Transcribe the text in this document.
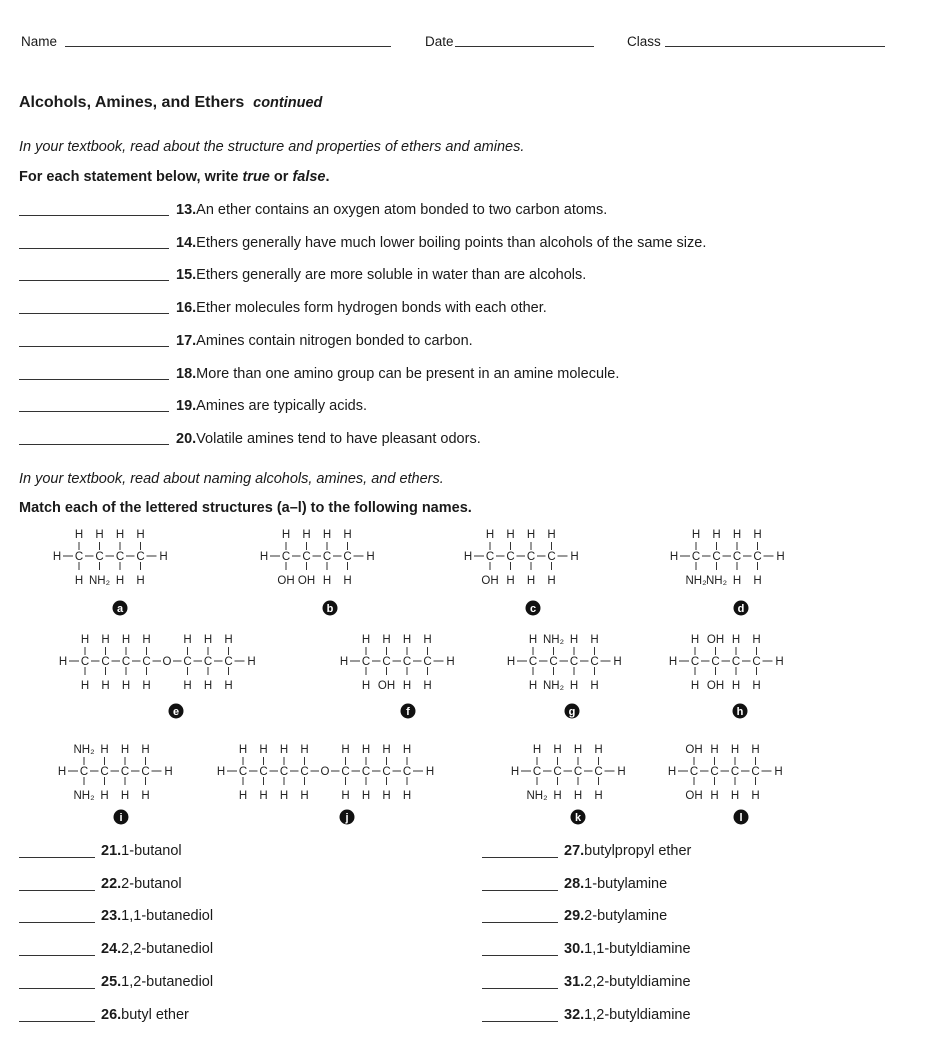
Name	Date	Class
Alcohols, Amines, and Ethers continued
In your textbook, read about the structure and properties of ethers and amines.
For each statement below, write true or false.
13.An ether contains an oxygen atom bonded to two carbon atoms.
14.Ethers generally have much lower boiling points than alcohols of the same size.
15.Ethers generally are more soluble in water than are alcohols.
16.Ether molecules form hydrogen bonds with each other.
17.Amines contain nitrogen bonded to carbon.
18.More than one amino group can be present in an amine molecule.
19.Amines are typically acids.
20.Volatile amines tend to have pleasant odors.
In your textbook, read about naming alcohols, amines, and ethers.
Match each of the lettered structures (a–l) to the following names.
H C
H
H
C
H
NH₂
C
H
H
C
H
H
H
a
H C
H
OH
C
H
OH
C
H
H
C
H
H
H
b
H C
H
OH
C
H
H
C
H
H
C
H
H
H
c
H C
H
NH₂
C
H
NH₂
C
H
H
C
H
H
H
d
H C
H
H
C
H
H
C
H
H
C
H
H
O C
H
H
C
H
H
C
H
H
H
e
H C
H
H
C
H
OH
C
H
H
C
H
H
H
f
H C
H
H
C
NH₂
NH₂
C
H
H
C
H
H
H
g
H C
H
H
C
OH
OH
C
H
H
C
H
H
H
h
H C
NH₂
NH₂
C
H
H
C
H
H
C
H
H
H
i
H C
H
H
C
H
H
C
H
H
C
H
H
O C
H
H
C
H
H
C
H
H
C
H
H
H
j
H C
H
NH₂
C
H
H
C
H
H
C
H
H
H
k
H C
OH
OH
C
H
H
C
H
H
C
H
H
H
l
21.1-butanol
22.2-butanol
23.1,1-butanediol
24.2,2-butanediol
25.1,2-butanediol
26.butyl ether
27.butylpropyl ether
28.1-butylamine
29.2-butylamine
30.1,1-butyldiamine
31.2,2-butyldiamine
32.1,2-butyldiamine
